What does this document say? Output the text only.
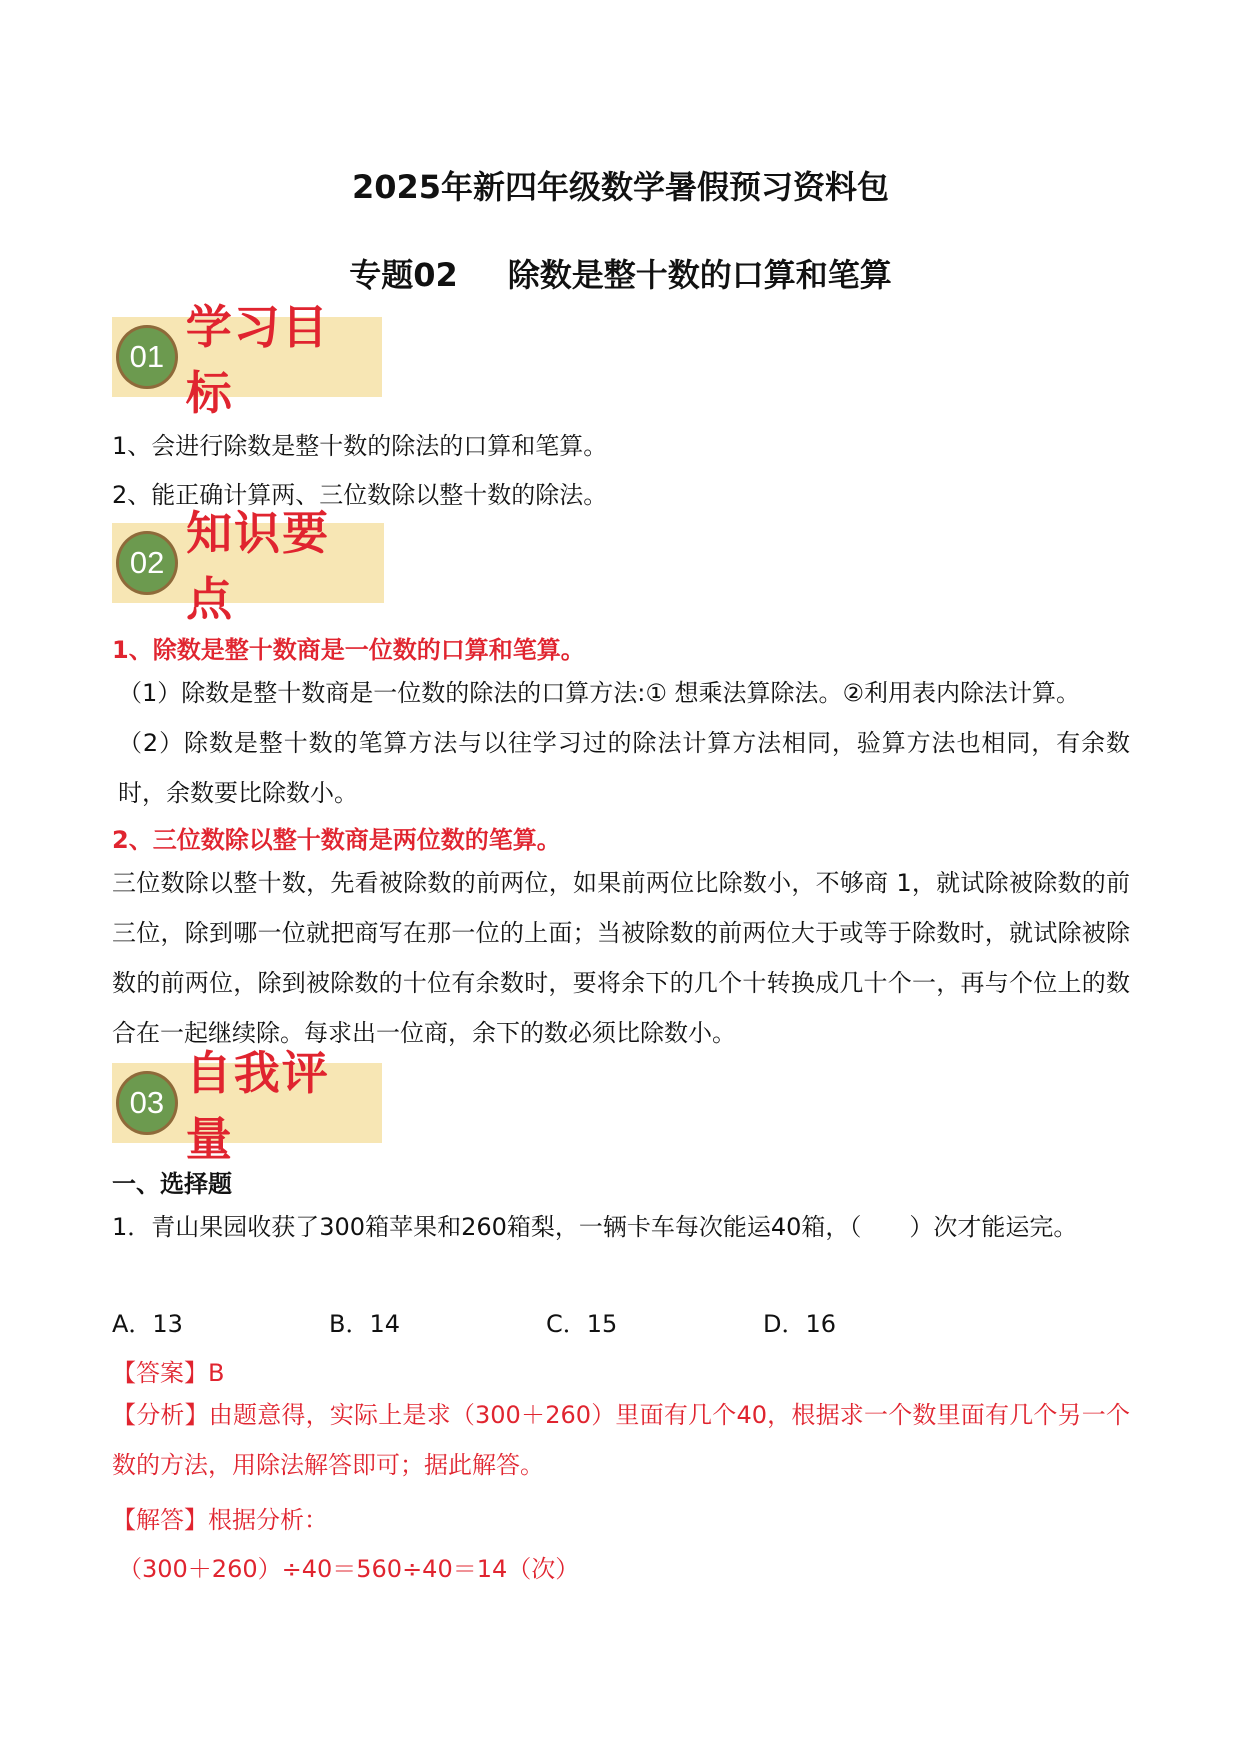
2025年新四年级数学暑假预习资料包
专题02 除数是整十数的口算和笔算
01
学习目标
1、会进行除数是整十数的除法的口算和笔算。
2、能正确计算两、三位数除以整十数的除法。
02
知识要点
1、除数是整十数商是一位数的口算和笔算。
（1）除数是整十数商是一位数的除法的口算方法:① 想乘法算除法。②利用表内除法计算。
（2）除数是整十数的笔算方法与以往学习过的除法计算方法相同，验算方法也相同，有余数时，余数要比除数小。
2、三位数除以整十数商是两位数的笔算。
三位数除以整十数，先看被除数的前两位，如果前两位比除数小，不够商 1，就试除被除数的前三位，除到哪一位就把商写在那一位的上面；当被除数的前两位大于或等于除数时，就试除被除数的前两位，除到被除数的十位有余数时，要将余下的几个十转换成几十个一，再与个位上的数合在一起继续除。每求出一位商，余下的数必须比除数小。
03
自我评量
一、选择题
1．青山果园收获了300箱苹果和260箱梨，一辆卡车每次能运40箱，（　　）次才能运完。
A．13	B．14	C．15	D．16
【答案】B
【分析】由题意得，实际上是求（300＋260）里面有几个40，根据求一个数里面有几个另一个数的方法，用除法解答即可；据此解答。
【解答】根据分析：
（300＋260）÷40＝560÷40＝14（次）
